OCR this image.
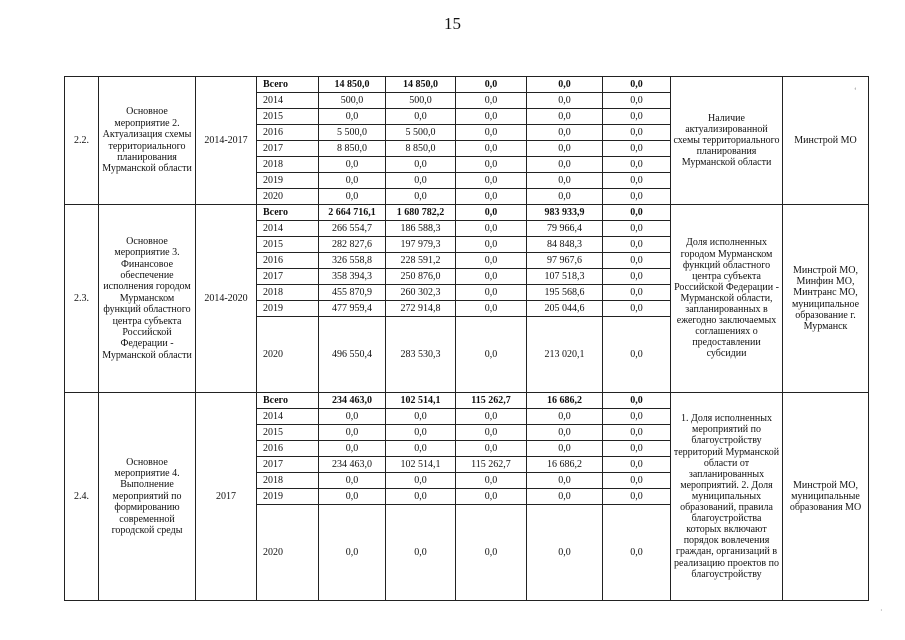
15
2.2.	Основное мероприятие 2. Актуализация схемы территориального планирования Мурманской области	2014-2017	Всего	14 850,0	14 850,0	0,0	0,0	0,0	Наличие актуализированной схемы территориального планирования Мурманской области	Минстрой МО
			2014	500,0	500,0	0,0	0,0	0,0		
			2015	0,0	0,0	0,0	0,0	0,0		
			2016	5 500,0	5 500,0	0,0	0,0	0,0		
			2017	8 850,0	8 850,0	0,0	0,0	0,0		
			2018	0,0	0,0	0,0	0,0	0,0		
			2019	0,0	0,0	0,0	0,0	0,0		
			2020	0,0	0,0	0,0	0,0	0,0		
2.3.	Основное мероприятие 3. Финансовое обеспечение исполнения городом Мурманском функций областного центра субъекта Российской Федерации - Мурманской области	2014-2020	Всего	2 664 716,1	1 680 782,2	0,0	983 933,9	0,0	Доля исполненных городом Мурманском функций областного центра субъекта Российской Федерации - Мурманской области, запланированных в ежегодно заключаемых соглашениях о предоставлении субсидии	Минстрой МО, Минфин МО, Минтранс МО, муниципальное образование г. Мурманск
			2014	266 554,7	186 588,3	0,0	79 966,4	0,0		
			2015	282 827,6	197 979,3	0,0	84 848,3	0,0		
			2016	326 558,8	228 591,2	0,0	97 967,6	0,0		
			2017	358 394,3	250 876,0	0,0	107 518,3	0,0		
			2018	455 870,9	260 302,3	0,0	195 568,6	0,0		
			2019	477 959,4	272 914,8	0,0	205 044,6	0,0		
			2020	496 550,4	283 530,3	0,0	213 020,1	0,0		
2.4.	Основное мероприятие 4. Выполнение мероприятий по формированию современной городской среды	2017	Всего	234 463,0	102 514,1	115 262,7	16 686,2	0,0	1. Доля исполненных мероприятий по благоустройству территорий Мурманской области от запланированных мероприятий. 2. Доля муниципальных образований, правила благоустройства которых включают порядок вовлечения граждан, организаций в реализацию проектов по благоустройству	Минстрой МО, муниципальные образования МО
			2014	0,0	0,0	0,0	0,0	0,0		
			2015	0,0	0,0	0,0	0,0	0,0		
			2016	0,0	0,0	0,0	0,0	0,0		
			2017	234 463,0	102 514,1	115 262,7	16 686,2	0,0		
			2018	0,0	0,0	0,0	0,0	0,0		
			2019	0,0	0,0	0,0	0,0	0,0		
			2020	0,0	0,0	0,0	0,0	0,0		
‘
·
